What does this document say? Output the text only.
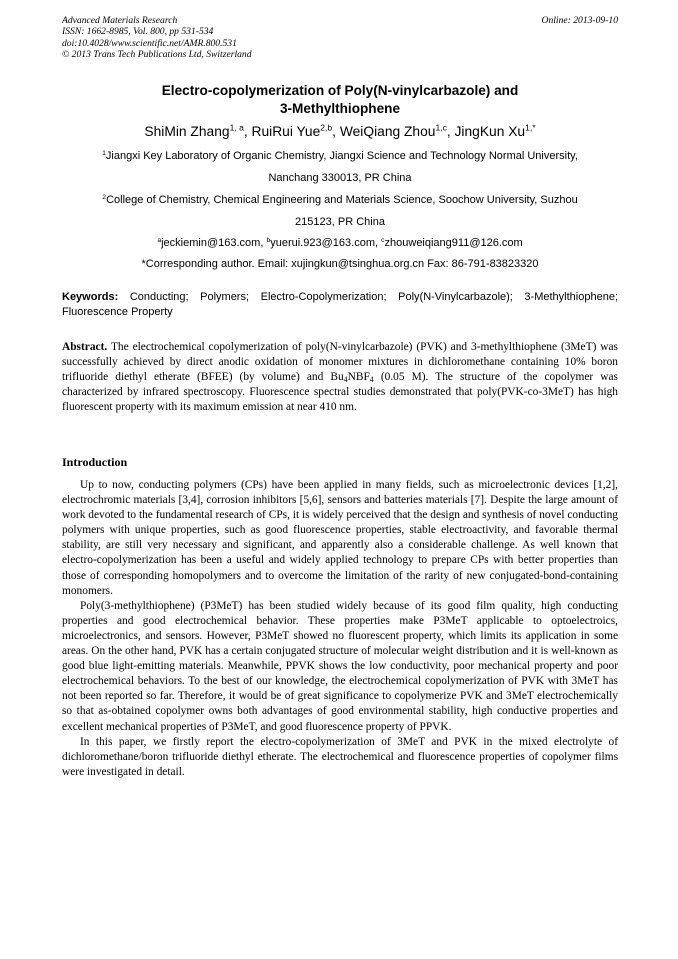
Advanced Materials Research
ISSN: 1662-8985, Vol. 800, pp 531-534
doi:10.4028/www.scientific.net/AMR.800.531
© 2013 Trans Tech Publications Ltd, Switzerland
Online: 2013-09-10
Electro-copolymerization of Poly(N-vinylcarbazole) and
3-Methylthiophene
ShiMin Zhang$^{1, a}$, RuiRui Yue$^{2,b}$, WeiQiang Zhou$^{1,c}$, JingKun $Xu^{1,*}$
$^1$Jiangxi Key Laboratory of Organic Chemistry, Jiangxi Science and Technology Normal University,
Nanchang 330013, PR China
$^2$College of Chemistry, Chemical Engineering and Materials Science, Soochow University, Suzhou
215123, PR China
$^a$jeckiemin@163.com, $^b$yuerui.923@163.com, $^c$zhouweiqiang911@126.com
*Corresponding author. Email: xujingkun@tsinghua.org.cn Fax: 86-791-83823320
Keywords: Conducting; Polymers; Electro-Copolymerization; Poly(N-Vinylcarbazole); 3-Methylthiophene; Fluorescence Property
Abstract. The electrochemical copolymerization of poly(N-vinylcarbazole) (PVK) and 3-methylthiophene (3MeT) was successfully achieved by direct anodic oxidation of monomer mixtures in dichloromethane containing 10% boron trifluoride diethyl etherate (BFEE) (by volume) and $Bu_4NBF_4$ (0.05 M). The structure of the copolymer was characterized by infrared spectroscopy. Fluorescence spectral studies demonstrated that poly(PVK-co-3MeT) has high fluorescent property with its maximum emission at near 410 nm.
Introduction

Up to now, conducting polymers (CPs) have been applied in many fields, such as microelectronic devices [1,2], electrochromic materials [3,4], corrosion inhibitors [5,6], sensors and batteries materials [7]. Despite the large amount of work devoted to the fundamental research of CPs, it is widely perceived that the design and synthesis of novel conducting polymers with unique properties, such as good fluorescence properties, stable electroactivity, and favorable thermal stability, are still very necessary and significant, and apparently also a considerable challenge. As well known that electro-copolymerization has been a useful and widely applied technology to prepare CPs with better properties than those of corresponding homopolymers and to overcome the limitation of the rarity of new conjugated-bond-containing monomers.

Poly(3-methylthiophene) (P3MeT) has been studied widely because of its good film quality, high conducting properties and good electrochemical behavior. These properties make P3MeT applicable to optoelectroics, microelectronics, and sensors. However, P3MeT showed no fluorescent property, which limits its application in some areas. On the other hand, PVK has a certain conjugated structure of molecular weight distribution and it is well-known as good blue light-emitting materials. Meanwhile, PPVK shows the low conductivity, poor mechanical property and poor electrochemical behaviors. To the best of our knowledge, the electrochemical copolymerization of PVK with 3MeT has not been reported so far. Therefore, it would be of great significance to copolymerize PVK and 3MeT electrochemically so that as-obtained copolymer owns both advantages of good environmental stability, high conductive properties and excellent mechanical properties of P3MeT, and good fluorescence property of PPVK.

In this paper, we firstly report the electro-copolymerization of 3MeT and PVK in the mixed electrolyte of dichloromethane/boron trifluoride diethyl etherate. The electrochemical and fluorescence properties of copolymer films were investigated in detail.
